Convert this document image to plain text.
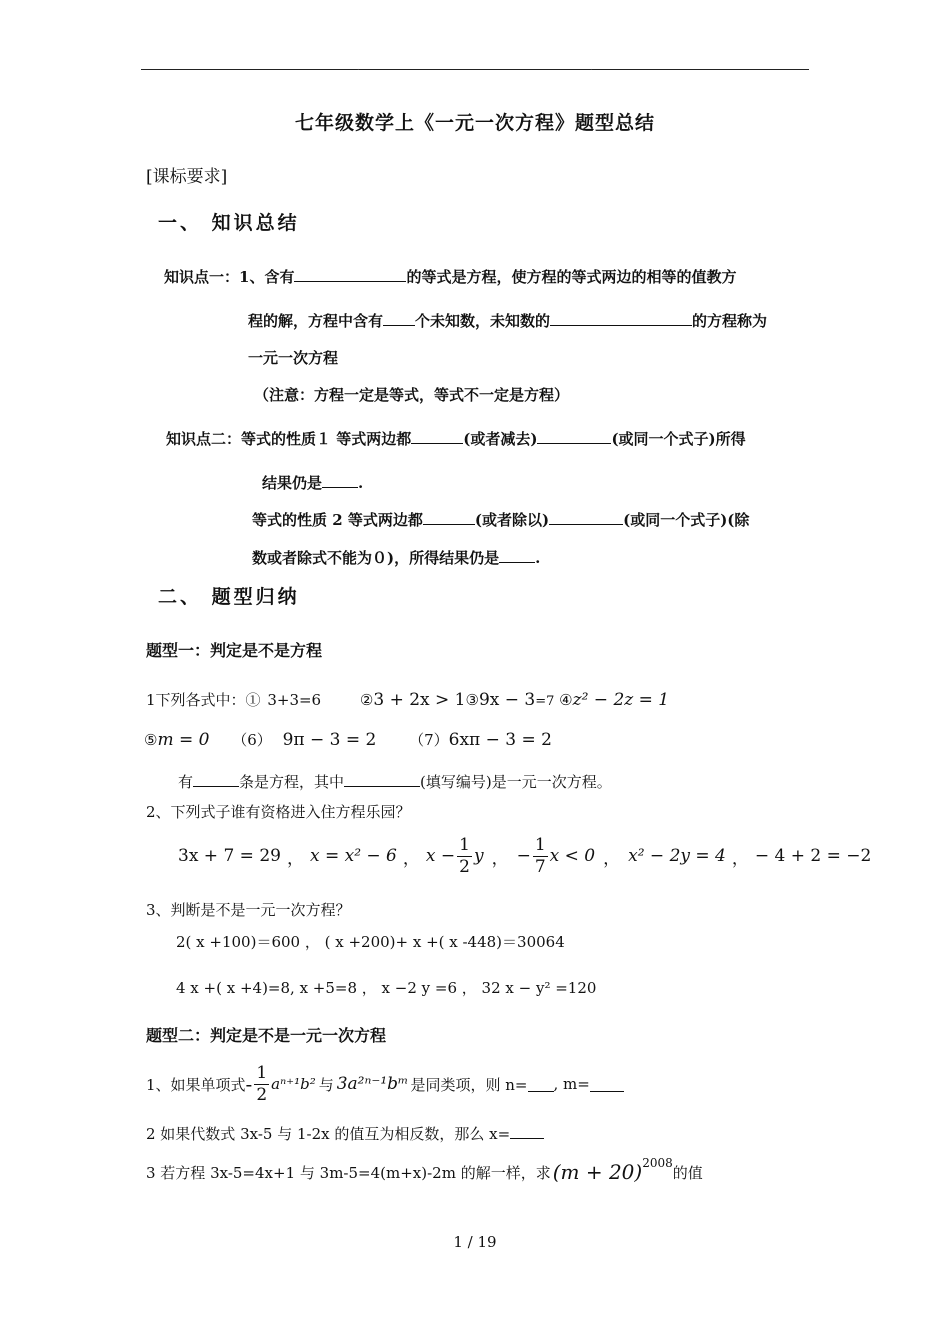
.	.
七年级数学上《一元一次方程》题型总结
[课标要求]
一、 知识总结
知识点一：1、含有	的等式是方程，使方程的等式两边的相等的值教方
程的解，方程中含有 个未知数，未知数的	的方程称为
一元一次方程
（注意：方程一定是等式，等式不一定是方程）
知识点二：等式的性质１ 等式两边都	(或者减去)	(或同一个式子)所得
结果仍是 .
等式的性质 2 等式两边都	(或者除以)	(或同一个式子)(除
数或者除式不能为０)，所得结果仍是 .
二、 题型归纳
题型一：判定是不是方程
1下列各式中：① 3+3=6	②3 + 2x > 1③9x − 3=7 ④z² − 2z = 1
⑤m = 0 （6） 9π − 3 = 2 （7）6xπ − 3 = 2
有	条是方程，其中	(填写编号)是一元一次方程。
2、下列式子谁有资格进入住方程乐园？
3x + 7 = 29 ， x = x² − 6 ， $x - \frac{1}{2}$ y ， − $\frac{1}{7}$ x < 0 ， x² − 2y = 4 ， − 4 + 2 = −2
3、判断是不是一元一次方程？
2( x +100)＝600 ， ( x +200)+ x +( x -448)＝30064
4 x +( x +4)=8, x +5=8 ， x −2 y =6 ， 32 x − y² =120
题型二：判定是不是一元一次方程
1、如果单项式 - $\frac{1}{2} a^{n+1}b^2$ 与 3a²ⁿ⁻¹bᵐ 是同类项，则 n= , m=
2 如果代数式 3x-5 与 1-2x 的值互为相反数，那么 x=
3 若方程 3x-5=4x+1 与 3m-5=4(m+x)-2m 的解一样，求 (m + 20) 2008
的值
1 / 19
